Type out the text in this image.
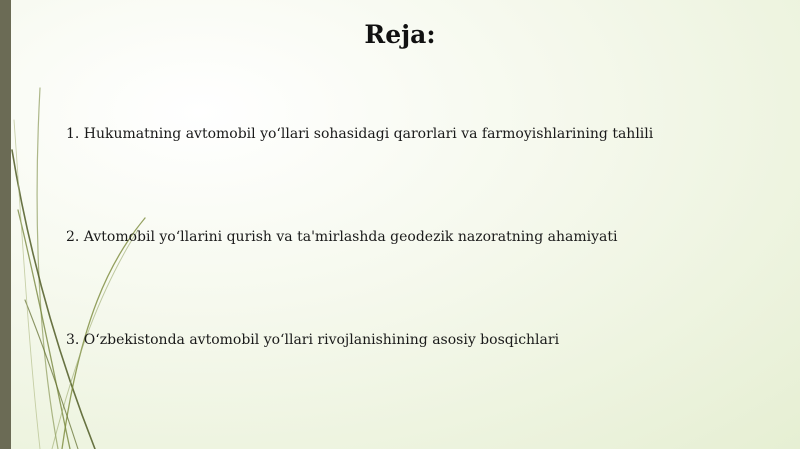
Reja:

1. Hukumatning avtomobil yo‘llari sohasidagi qarorlari va farmoyishlarining tahlili

2. Avtomobil yo‘llarini qurish va ta'mirlashda geodezik nazoratning ahamiyati

3. O‘zbekistonda avtomobil yo‘llari rivojlanishining asosiy bosqichlari
